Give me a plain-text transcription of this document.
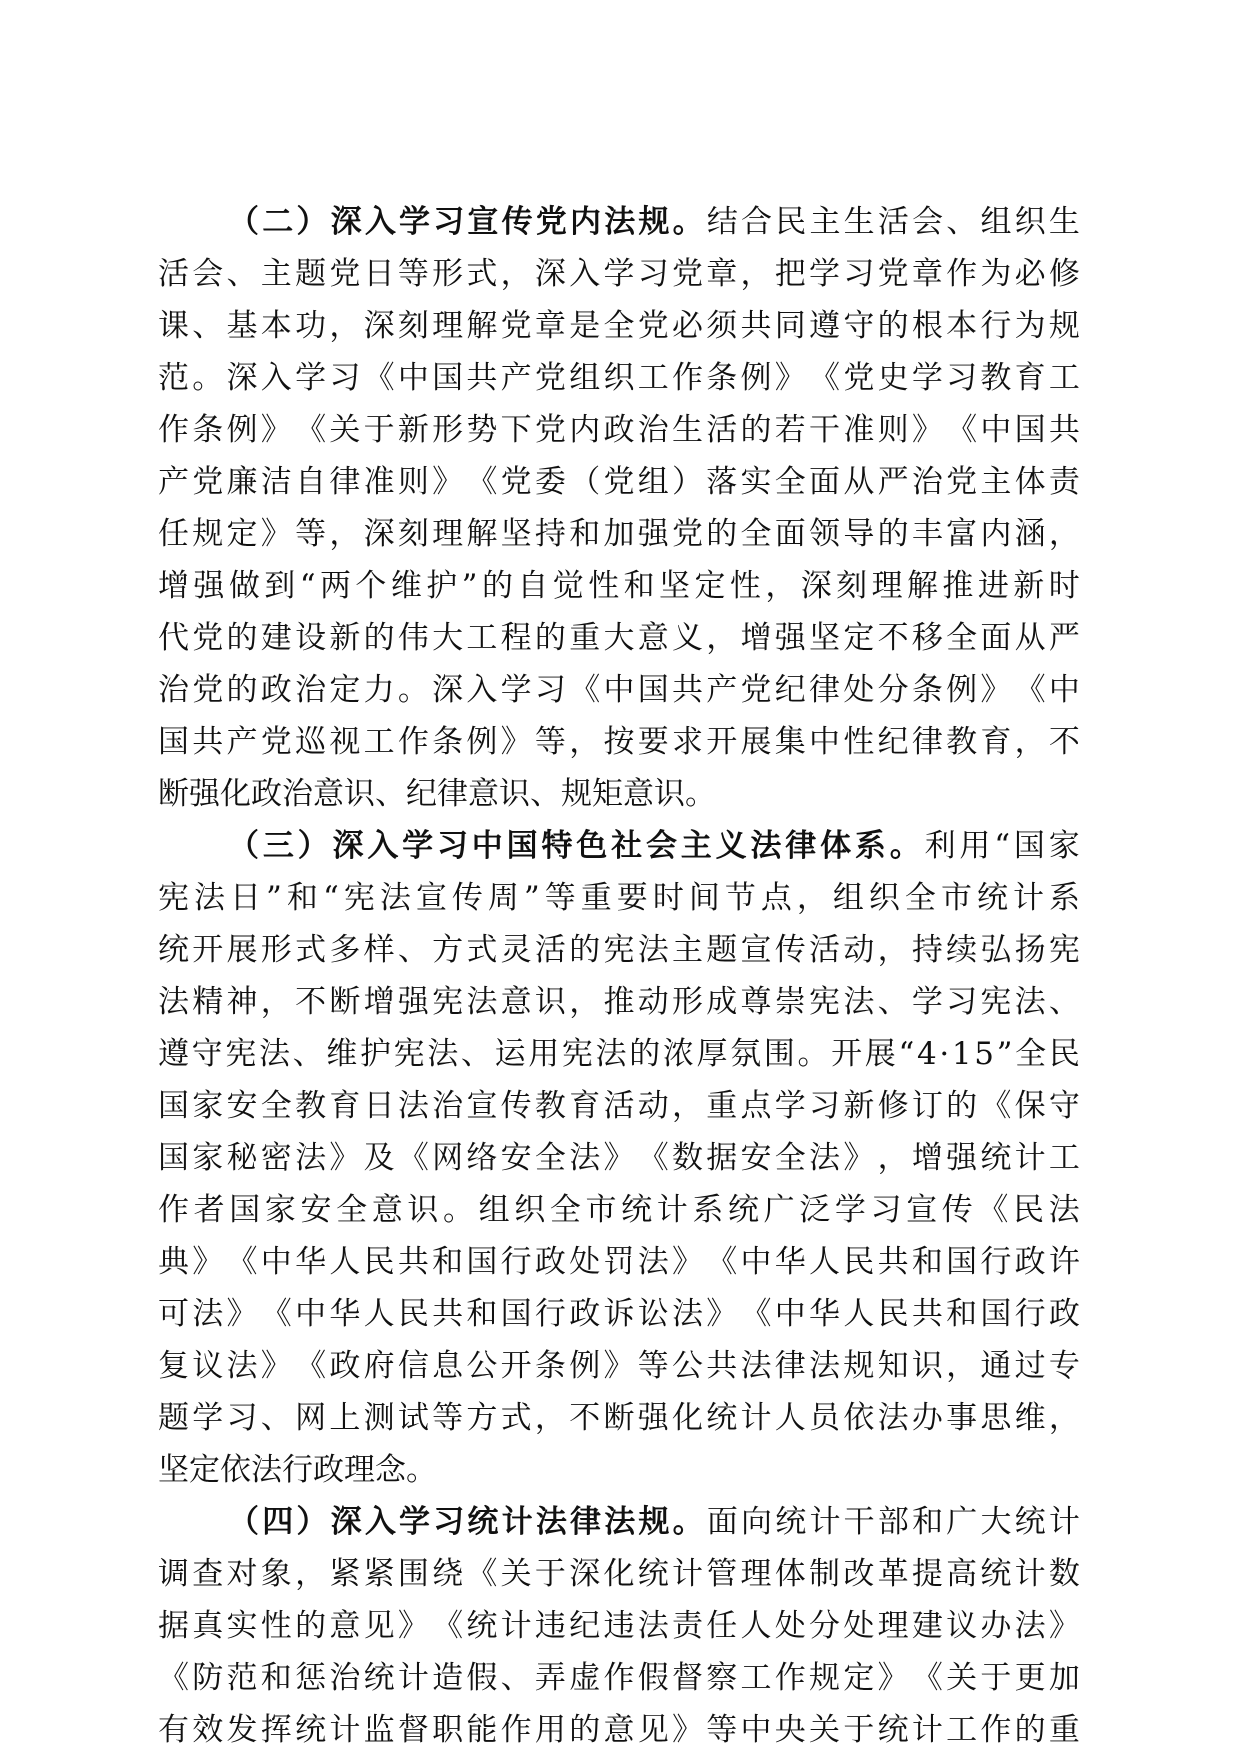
（ 二 ） 深 入 学 习 宣 传 党 内 法 规 。 结 合 民 主 生 活 会 、 组 织 生
活 会 、 主 题 党 日 等 形 式 ， 深 入 学 习 党 章 ， 把 学 习 党 章 作 为 必 修
课 、 基 本 功 ， 深 刻 理 解 党 章 是 全 党 必 须 共 同 遵 守 的 根 本 行 为 规
范 。 深 入 学 习 《 中 国 共 产 党 组 织 工 作 条 例 》 《 党 史 学 习 教 育 工
作 条 例 》 《 关 于 新 形 势 下 党 内 政 治 生 活 的 若 干 准 则 》 《 中 国 共
产 党 廉 洁 自 律 准 则 》 《 党 委 （ 党 组 ） 落 实 全 面 从 严 治 党 主 体 责
任 规 定 》 等 ， 深 刻 理 解 坚 持 和 加 强 党 的 全 面 领 导 的 丰 富 内 涵 ，
增 强 做 到 “ 两 个 维 护 ” 的 自 觉 性 和 坚 定 性 ， 深 刻 理 解 推 进 新 时
代 党 的 建 设 新 的 伟 大 工 程 的 重 大 意 义 ， 增 强 坚 定 不 移 全 面 从 严
治 党 的 政 治 定 力 。 深 入 学 习 《 中 国 共 产 党 纪 律 处 分 条 例 》 《 中
国 共 产 党 巡 视 工 作 条 例 》 等 ， 按 要 求 开 展 集 中 性 纪 律 教 育 ， 不
断强化政治意识、纪律意识、规矩意识。
（ 三 ） 深 入 学 习 中 国 特 色 社 会 主 义 法 律 体 系 。 利 用 “ 国 家
宪 法 日 ” 和 “ 宪 法 宣 传 周 ” 等 重 要 时 间 节 点 ， 组 织 全 市 统 计 系
统 开 展 形 式 多 样 、 方 式 灵 活 的 宪 法 主 题 宣 传 活 动 ， 持 续 弘 扬 宪
法 精 神 ， 不 断 增 强 宪 法 意 识 ， 推 动 形 成 尊 崇 宪 法 、 学 习 宪 法 、
遵 守 宪 法 、 维 护 宪 法 、 运 用 宪 法 的 浓 厚 氛 围 。 开 展 “ 4 · 1 5 ” 全 民
国 家 安 全 教 育 日 法 治 宣 传 教 育 活 动 ， 重 点 学 习 新 修 订 的 《 保 守
国 家 秘 密 法 》 及 《 网 络 安 全 法 》 《 数 据 安 全 法 》 ， 增 强 统 计 工
作 者 国 家 安 全 意 识 。 组 织 全 市 统 计 系 统 广 泛 学 习 宣 传 《 民 法
典 》 《 中 华 人 民 共 和 国 行 政 处 罚 法 》 《 中 华 人 民 共 和 国 行 政 许
可 法 》 《 中 华 人 民 共 和 国 行 政 诉 讼 法 》 《 中 华 人 民 共 和 国 行 政
复 议 法 》 《 政 府 信 息 公 开 条 例 》 等 公 共 法 律 法 规 知 识 ， 通 过 专
题 学 习 、 网 上 测 试 等 方 式 ， 不 断 强 化 统 计 人 员 依 法 办 事 思 维 ，
坚定依法行政理念。
（ 四 ） 深 入 学 习 统 计 法 律 法 规 。 面 向 统 计 干 部 和 广 大 统 计
调 查 对 象 ， 紧 紧 围 绕 《 关 于 深 化 统 计 管 理 体 制 改 革 提 高 统 计 数
据 真 实 性 的 意 见 》 《 统 计 违 纪 违 法 责 任 人 处 分 处 理 建 议 办 法 》
《 防 范 和 惩 治 统 计 造 假 、 弄 虚 作 假 督 察 工 作 规 定 》 《 关 于 更 加
有 效 发 挥 统 计 监 督 职 能 作 用 的 意 见 》 等 中 央 关 于 统 计 工 作 的 重
